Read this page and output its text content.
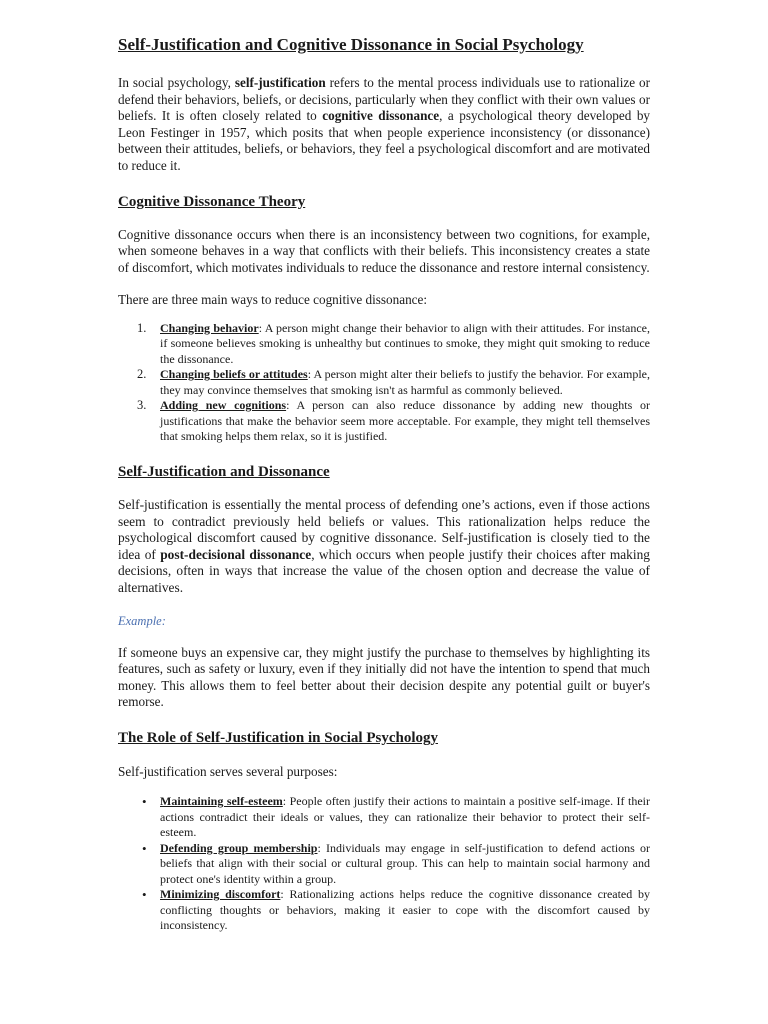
Self-Justification and Cognitive Dissonance in Social Psychology

In social psychology, self-justification refers to the mental process individuals use to rationalize or defend their behaviors, beliefs, or decisions, particularly when they conflict with their own values or beliefs. It is often closely related to cognitive dissonance, a psychological theory developed by Leon Festinger in 1957, which posits that when people experience inconsistency (or dissonance) between their attitudes, beliefs, or behaviors, they feel a psychological discomfort and are motivated to reduce it.

Cognitive Dissonance Theory

Cognitive dissonance occurs when there is an inconsistency between two cognitions, for example, when someone behaves in a way that conflicts with their beliefs. This inconsistency creates a state of discomfort, which motivates individuals to reduce the dissonance and restore internal consistency.

There are three main ways to reduce cognitive dissonance:

1. Changing behavior: A person might change their behavior to align with their attitudes. For instance, if someone believes smoking is unhealthy but continues to smoke, they might quit smoking to reduce the dissonance.
2. Changing beliefs or attitudes: A person might alter their beliefs to justify the behavior. For example, they may convince themselves that smoking isn't as harmful as commonly believed.
3. Adding new cognitions: A person can also reduce dissonance by adding new thoughts or justifications that make the behavior seem more acceptable. For example, they might tell themselves that smoking helps them relax, so it is justified.
Self-Justification and Dissonance

Self-justification is essentially the mental process of defending one’s actions, even if those actions seem to contradict previously held beliefs or values. This rationalization helps reduce the psychological discomfort caused by cognitive dissonance. Self-justification is closely tied to the idea of post-decisional dissonance, which occurs when people justify their choices after making decisions, often in ways that increase the value of the chosen option and decrease the value of alternatives.

Example:

If someone buys an expensive car, they might justify the purchase to themselves by highlighting its features, such as safety or luxury, even if they initially did not have the intention to spend that much money. This allows them to feel better about their decision despite any potential guilt or buyer's remorse.

The Role of Self-Justification in Social Psychology

Self-justification serves several purposes:

• Maintaining self-esteem: People often justify their actions to maintain a positive self-image. If their actions contradict their ideals or values, they can rationalize their behavior to protect their self-esteem.
• Defending group membership: Individuals may engage in self-justification to defend actions or beliefs that align with their social or cultural group. This can help to maintain social harmony and protect one's identity within a group.
• Minimizing discomfort: Rationalizing actions helps reduce the cognitive dissonance created by conflicting thoughts or behaviors, making it easier to cope with the discomfort caused by inconsistency.
